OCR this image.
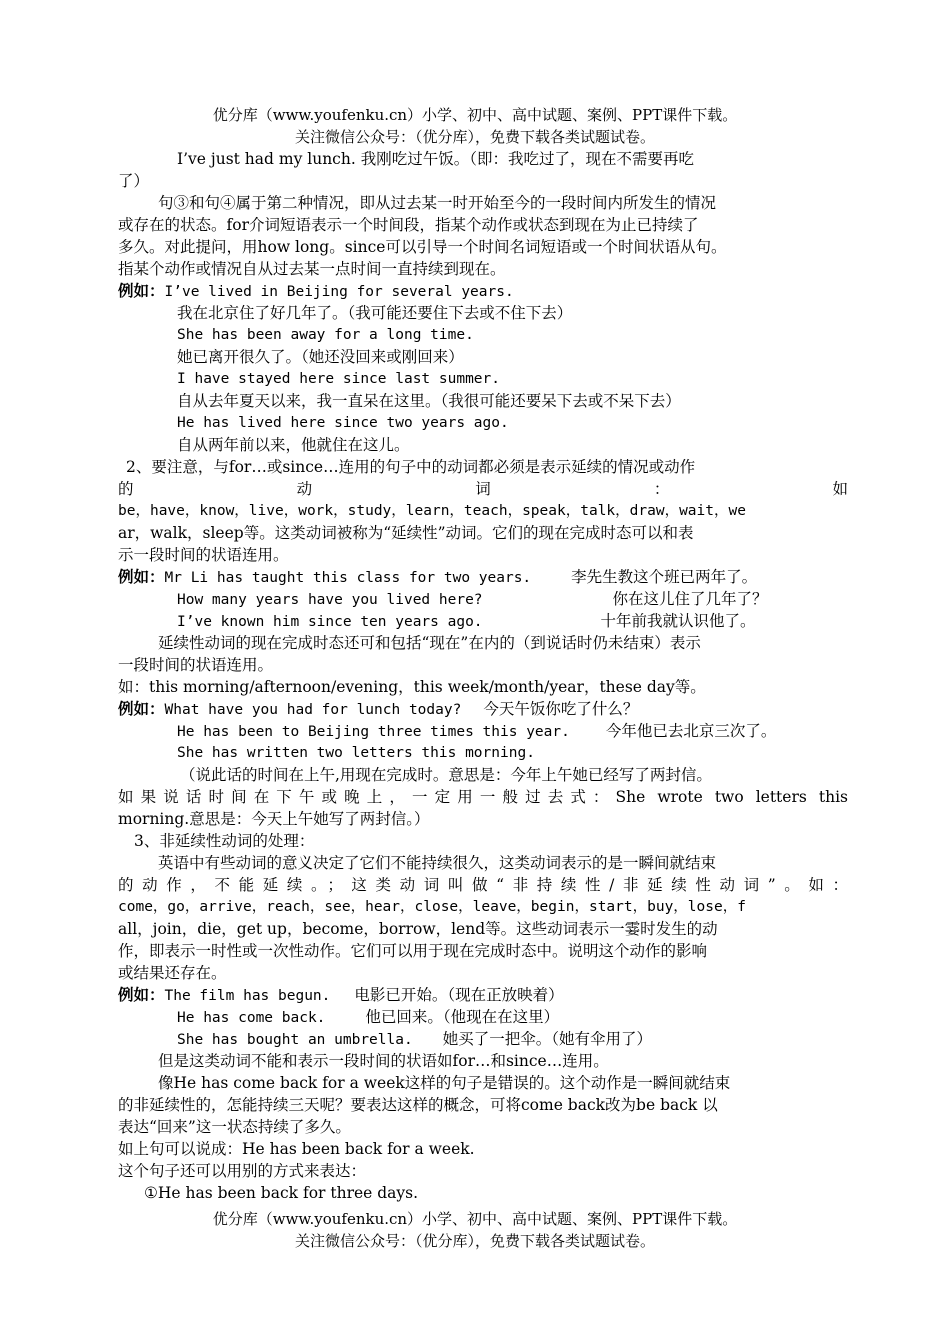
优分库（www.youfenku.cn）小学、初中、高中试题、案例、PPT课件下载。
关注微信公众号：（优分库），免费下载各类试题试卷。
I’ve just had my lunch. 我刚吃过午饭。（即：我吃过了，现在不需要再吃
了）
句③和句④属于第二种情况，即从过去某一时开始至今的一段时间内所发生的情况
或存在的状态。for介词短语表示一个时间段，指某个动作或状态到现在为止已持续了
多久。对此提问，用how long。since可以引导一个时间名词短语或一个时间状语从句。
指某个动作或情况自从过去某一点时间一直持续到现在。
例如：I’ve lived in Beijing for several years.
我在北京住了好几年了。（我可能还要住下去或不住下去）
She has been away for a long time.
她已离开很久了。（她还没回来或刚回来）
I have stayed here since last summer.
自从去年夏天以来，我一直呆在这里。（我很可能还要呆下去或不呆下去）
He has lived here since two years ago.
自从两年前以来，他就住在这儿。
2、要注意，与for…或since…连用的句子中的动词都必须是表示延续的情况或动作
的 动 词 ： 如
be，have，know，live，work，study，learn，teach，speak，talk，draw，wait，we
ar，walk，sleep等。这类动词被称为“延续性”动词。它们的现在完成时态可以和表
示一段时间的状语连用。
例如：Mr Li has taught this class for two years.	李先生教这个班已两年了。
How many years have you lived here?	你在这儿住了几年了？
I’ve known him since ten years ago.	十年前我就认识他了。
延续性动词的现在完成时态还可和包括“现在”在内的（到说话时仍未结束）表示
一段时间的状语连用。
如：this morning/afternoon/evening，this week/month/year，these day等。
例如：What have you had for lunch today? 今天午饭你吃了什么？
He has been to Beijing three times this year. 今年他已去北京三次了。
She has written two letters this morning.
（说此话的时间在上午,用现在完成时。意思是：今年上午她已经写了两封信。
如果说话时间在下午或晚上，一定用一般过去式：She wrote two letters this
morning.意思是：今天上午她写了两封信。）
3、非延续性动词的处理：
英语中有些动词的意义决定了它们不能持续很久，这类动词表示的是一瞬间就结束
的动作，不能延续。；这类动词叫做“非持续性/非延续性动词”。如：
come，go，arrive，reach，see，hear，close，leave，begin，start，buy，lose，f
all，join，die，get up，become，borrow，lend等。这些动词表示一霎时发生的动
作，即表示一时性或一次性动作。它们可以用于现在完成时态中。说明这个动作的影响
或结果还存在。
例如：The film has begun. 电影已开始。（现在正放映着）
He has come back.	他已回来。（他现在在这里）
She has bought an umbrella. 她买了一把伞。（她有伞用了）
但是这类动词不能和表示一段时间的状语如for…和since…连用。
像He has come back for a week这样的句子是错误的。这个动作是一瞬间就结束
的非延续性的，怎能持续三天呢？要表达这样的概念，可将come back改为be back 以
表达“回来”这一状态持续了多久。
如上句可以说成：He has been back for a week.
这个句子还可以用别的方式来表达：
①He has been back for three days.
优分库（www.youfenku.cn）小学、初中、高中试题、案例、PPT课件下载。
关注微信公众号：（优分库），免费下载各类试题试卷。
